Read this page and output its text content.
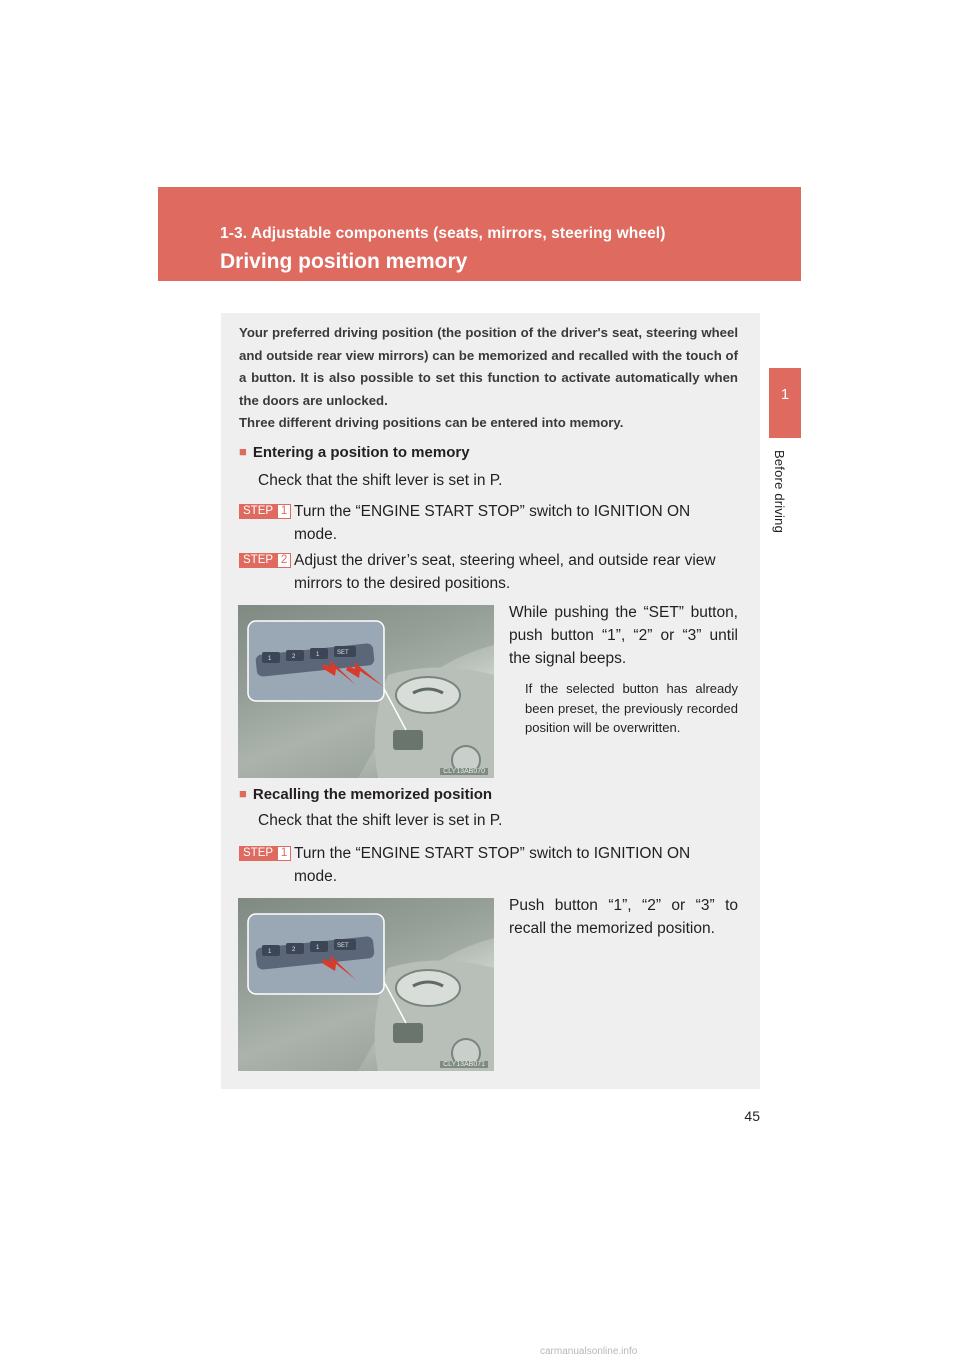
1-3. Adjustable components (seats, mirrors, steering wheel)
Driving position memory
1
Before driving

Your preferred driving position (the position of the driver's seat, steering wheel and outside rear view mirrors) can be memorized and recalled with the touch of a button. It is also possible to set this function to activate automatically when the doors are unlocked.

Three different driving positions can be entered into memory.

■ Entering a position to memory
Check that the shift lever is set in P.
STEP 1 Turn the “ENGINE START STOP” switch to IGNITION ON
mode.
STEP 2 Adjust the driver’s seat, steering wheel, and outside rear view
mirrors to the desired positions.
1	2	1	SET
CLY13AB070
While pushing the “SET” button, push button “1”, “2” or “3” until the signal beeps.
If the selected button has already been preset, the previously recorded position will be overwritten.
■ Recalling the memorized position
Check that the shift lever is set in P.
STEP 1 Turn the “ENGINE START STOP” switch to IGNITION ON
mode.
1	2	1	SET
CLY13AB071
Push button “1”, “2” or “3” to recall the memorized position.
45
carmanualsonline.info
